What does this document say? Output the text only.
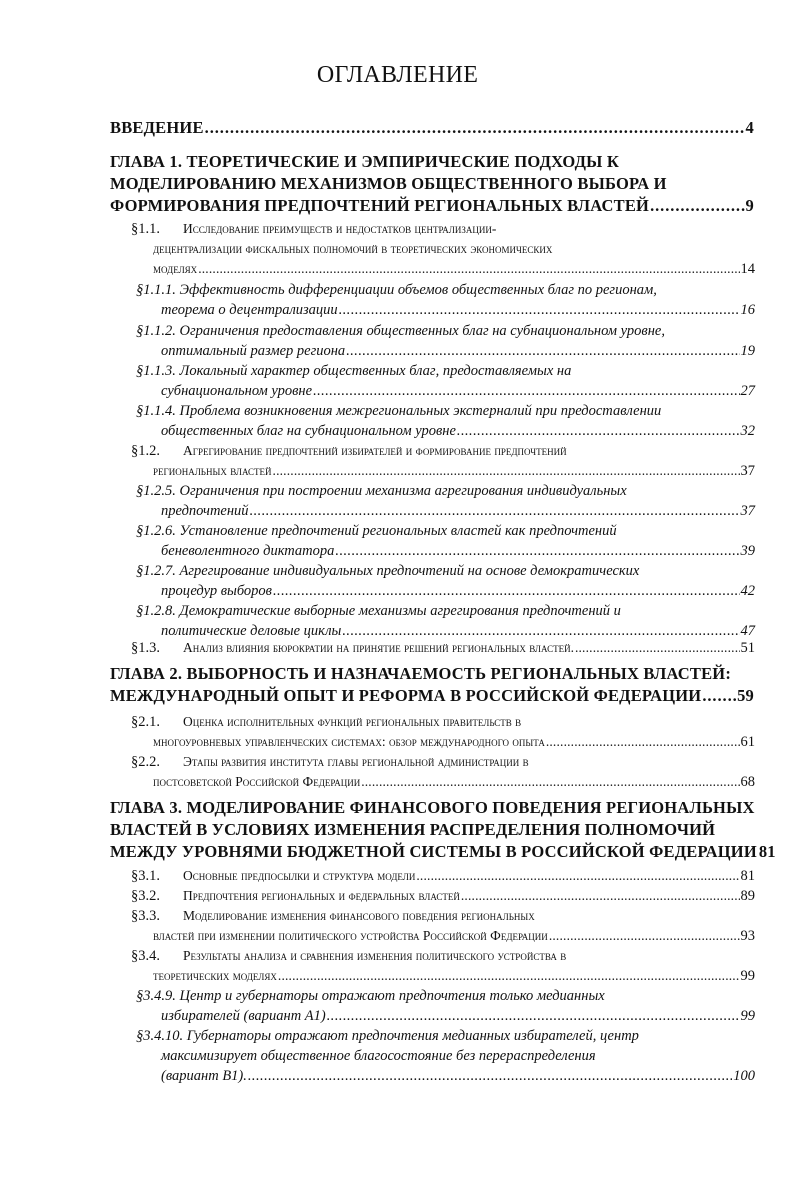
ОГЛАВЛЕНИЕ
ВВЕДЕНИЕ . . .	4
ГЛАВА 1. ТЕОРЕТИЧЕСКИЕ И ЭМПИРИЧЕСКИЕ ПОДХОДЫ К
МОДЕЛИРОВАНИЮ МЕХАНИЗМОВ ОБЩЕСТВЕННОГО ВЫБОРА И
ФОРМИРОВАНИЯ ПРЕДПОЧТЕНИЙ РЕГИОНАЛЬНЫХ ВЛАСТЕЙ . . .	9
§1.1.	Исследование преимуществ и недостатков централизации-
децентрализации фискальных полномочий в теоретических экономических
моделях . . .	14
§1.1.1. Эффективность дифференциации объемов общественных благ по регионам,
теорема о децентрализации . . .	16
§1.1.2. Ограничения предоставления общественных благ на субнациональном уровне,
оптимальный размер региона . . .	19
§1.1.3. Локальный характер общественных благ, предоставляемых на
субнациональном уровне . . .	27
§1.1.4. Проблема возникновения межрегиональных экстерналий при предоставлении
общественных благ на субнациональном уровне . . .	32
§1.2.	Агрегирование предпочтений избирателей и формирование предпочтений
региональных властей . . .	37
§1.2.5. Ограничения при построении механизма агрегирования индивидуальных
предпочтений . . .	37
§1.2.6. Установление предпочтений региональных властей как предпочтений
беневолентного диктатора . . .	39
§1.2.7. Агрегирование индивидуальных предпочтений на основе демократических
процедур выборов . . .	42
§1.2.8. Демократические выборные механизмы агрегирования предпочтений и
политические деловые циклы . . .	47
§1.3.	Анализ влияния бюрократии на принятие решений региональных властей. . . .	51
ГЛАВА 2. ВЫБОРНОСТЬ И НАЗНАЧАЕМОСТЬ РЕГИОНАЛЬНЫХ ВЛАСТЕЙ:
МЕЖДУНАРОДНЫЙ ОПЫТ И РЕФОРМА В РОССИЙСКОЙ ФЕДЕРАЦИИ . . . 59
§2.1.	Оценка исполнительных функций региональных правительств в
многоуровневых управленческих системах: обзор международного опыта . . .	61
§2.2.	Этапы развития института главы региональной администрации в
постсоветской Российской Федерации . . .	68
ГЛАВА 3. МОДЕЛИРОВАНИЕ ФИНАНСОВОГО ПОВЕДЕНИЯ РЕГИОНАЛЬНЫХ
ВЛАСТЕЙ В УСЛОВИЯХ ИЗМЕНЕНИЯ РАСПРЕДЕЛЕНИЯ ПОЛНОМОЧИЙ
МЕЖДУ УРОВНЯМИ БЮДЖЕТНОЙ СИСТЕМЫ В РОССИЙСКОЙ ФЕДЕРАЦИИ 81
§3.1.	Основные предпосылки и структура модели . . .	81
§3.2.	Предпочтения региональных и федеральных властей . . .	89
§3.3.	Моделирование изменения финансового поведения региональных
властей при изменении политического устройства Российской Федерации . . .	93
§3.4.	Результаты анализа и сравнения изменения политического устройства в
теоретических моделях . . .	99
§3.4.9. Центр и губернаторы отражают предпочтения только медианных
избирателей (вариант A1) . . .	99
§3.4.10. Губернаторы отражают предпочтения медианных избирателей, центр
максимизирует общественное благосостояние без перераспределения
(вариант B1). . . .	100
